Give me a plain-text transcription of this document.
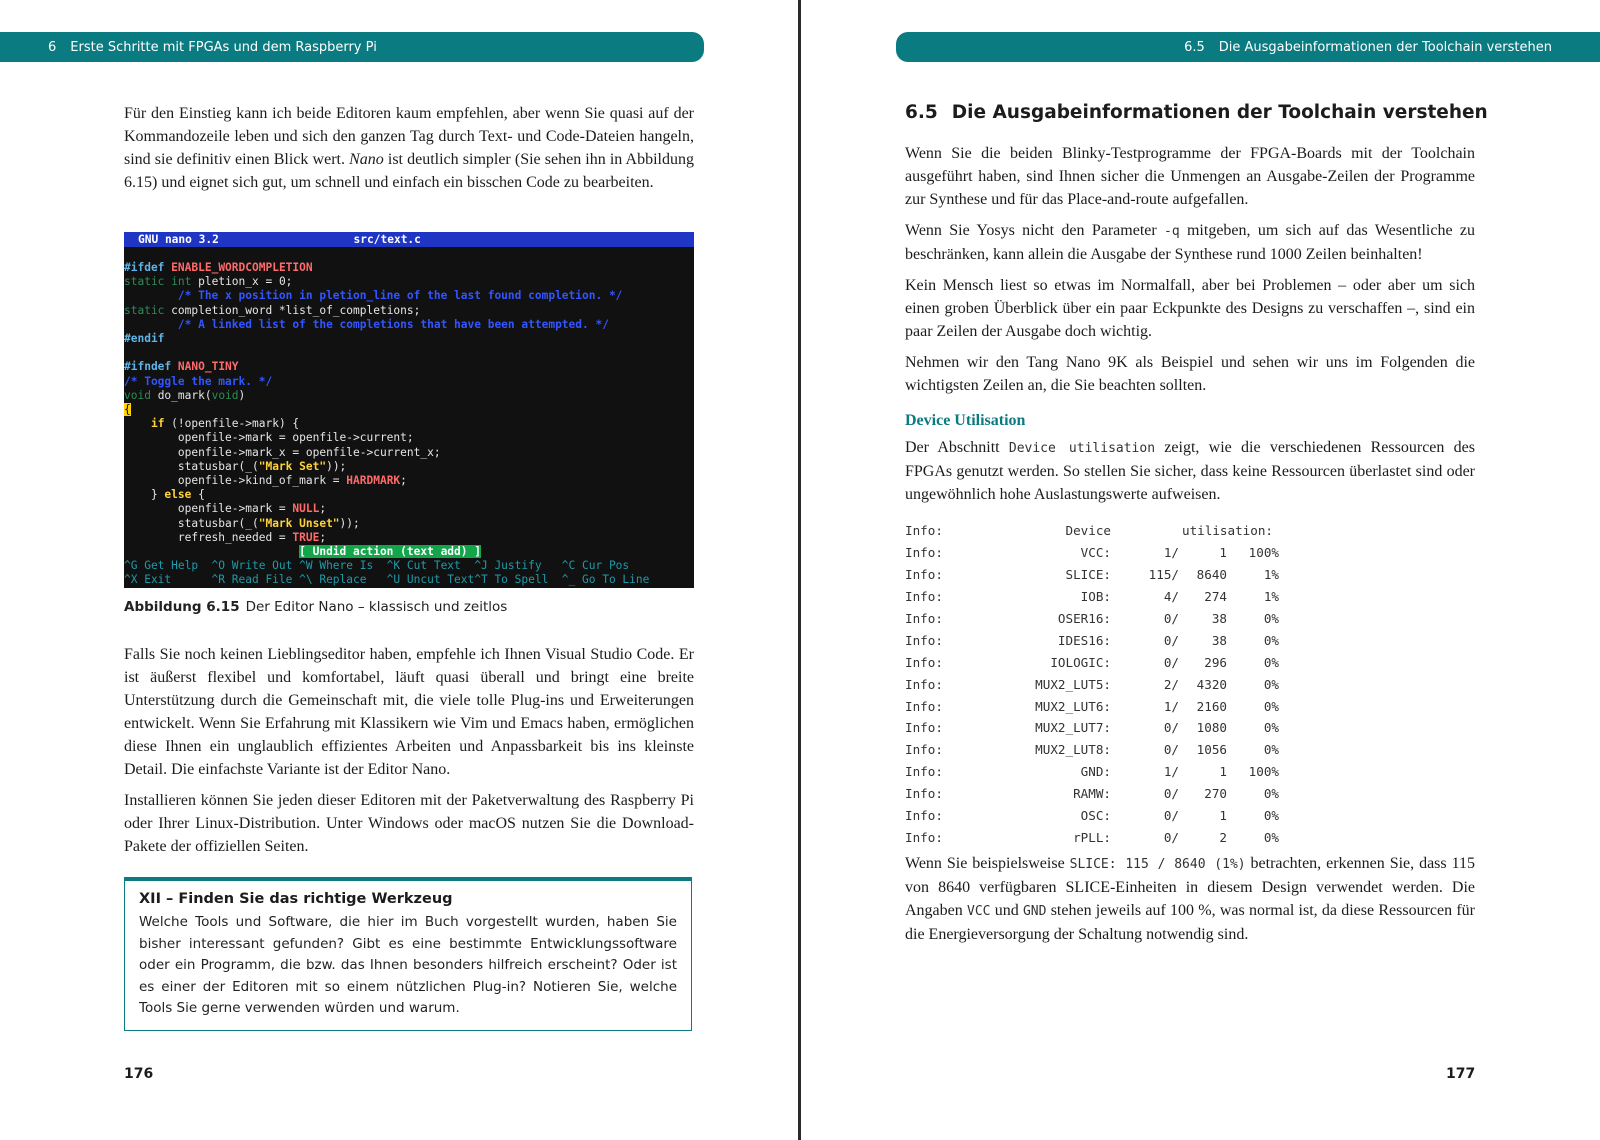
6 Erste Schritte mit FPGAs und dem Raspberry Pi

Für den Einstieg kann ich beide Editoren kaum empfehlen, aber wenn Sie quasi auf der Kommandozeile leben und sich den ganzen Tag durch Text- und Code-Dateien hangeln, sind sie definitiv einen Blick wert. Nano ist deutlich simpler (Sie sehen ihn in Abbildung 6.15) und eignet sich gut, um schnell und einfach ein bisschen Code zu bearbeiten.

GNU nano 3.2	src/text.c
#ifdef ENABLE_WORDCOMPLETION
static int pletion_x = 0;
/* The x position in pletion_line of the last found completion. */
static completion_word *list_of_completions;
/* A linked list of the completions that have been attempted. */
#endif

#ifndef NANO_TINY
/* Toggle the mark. */
void do_mark(void)
{
if (!openfile->mark) {
openfile->mark = openfile->current;
openfile->mark_x = openfile->current_x;
statusbar(_("Mark Set"));
openfile->kind_of_mark = HARDMARK;
} else {
openfile->mark = NULL;
statusbar(_("Mark Unset"));
refresh_needed = TRUE;
[ Undid action (text add) ]
^G Get Help  ^O Write Out ^W Where Is  ^K Cut Text  ^J Justify   ^C Cur Pos
^X Exit      ^R Read File ^\ Replace   ^U Uncut Text^T To Spell  ^_ Go To Line
Abbildung 6.15 Der Editor Nano – klassisch und zeitlos

Falls Sie noch keinen Lieblingseditor haben, empfehle ich Ihnen Visual Studio Code. Er ist äußerst flexibel und komfortabel, läuft quasi überall und bringt eine breite Unterstützung durch die Gemeinschaft mit, die viele tolle Plug-ins und Erweiterungen entwickelt. Wenn Sie Erfahrung mit Klassikern wie Vim und Emacs haben, ermöglichen diese Ihnen ein unglaublich effizientes Arbeiten und Anpassbarkeit bis ins kleinste Detail. Die einfachste Variante ist der Editor Nano.

Installieren können Sie jeden dieser Editoren mit der Paketverwaltung des Raspberry Pi oder Ihrer Linux-Distribution. Unter Windows oder macOS nutzen Sie die Download-Pakete der offiziellen Seiten.

XII – Finden Sie das richtige Werkzeug
Welche Tools und Software, die hier im Buch vorgestellt wurden, haben Sie bisher interessant gefunden? Gibt es eine bestimmte Entwicklungssoftware oder ein Programm, die bzw. das Ihnen besonders hilfreich erscheint? Oder ist es einer der Editoren mit so einem nützlichen Plug-in? Notieren Sie, welche Tools Sie gerne verwenden würden und warum.
176
6.5 Die Ausgabeinformationen der Toolchain verstehen
6.5 Die Ausgabeinformationen der Toolchain verstehen

Wenn Sie die beiden Blinky-Testprogramme der FPGA-Boards mit der Toolchain ausgeführt haben, sind Ihnen sicher die Unmengen an Ausgabe-Zeilen der Programme zur Synthese und für das Place-and-route aufgefallen.

Wenn Sie Yosys nicht den Parameter -q mitgeben, um sich auf das Wesentliche zu beschränken, kann allein die Ausgabe der Synthese rund 1000 Zeilen beinhalten!

Kein Mensch liest so etwas im Normalfall, aber bei Problemen – oder aber um sich einen groben Überblick über ein paar Eckpunkte des Designs zu verschaffen –, sind ein paar Zeilen der Ausgabe doch wichtig.

Nehmen wir den Tang Nano 9K als Beispiel und sehen wir uns im Folgenden die wichtigsten Zeilen an, die Sie beachten sollten.

Device Utilisation

Der Abschnitt Device utilisation zeigt, wie die verschiedenen Ressourcen des FPGAs genutzt werden. So stellen Sie sicher, dass keine Ressourcen überlastet sind oder ungewöhnlich hohe Auslastungswerte aufweisen.

Info:	Device	utilisation:		
Info:	VCC:	1/	1	100%
Info:	SLICE:	115/	8640	1%
Info:	IOB:	4/	274	1%
Info:	OSER16:	0/	38	0%
Info:	IDES16:	0/	38	0%
Info:	IOLOGIC:	0/	296	0%
Info:	MUX2_LUT5:	2/	4320	0%
Info:	MUX2_LUT6:	1/	2160	0%
Info:	MUX2_LUT7:	0/	1080	0%
Info:	MUX2_LUT8:	0/	1056	0%
Info:	GND:	1/	1	100%
Info:	RAMW:	0/	270	0%
Info:	OSC:	0/	1	0%
Info:	rPLL:	0/	2	0%

Wenn Sie beispielsweise SLICE: 115 / 8640 (1%) betrachten, erkennen Sie, dass 115 von 8640 verfügbaren SLICE-Einheiten in diesem Design verwendet werden. Die Angaben VCC und GND stehen jeweils auf 100 %, was normal ist, da diese Ressourcen für die Energieversorgung der Schaltung notwendig sind.

177
